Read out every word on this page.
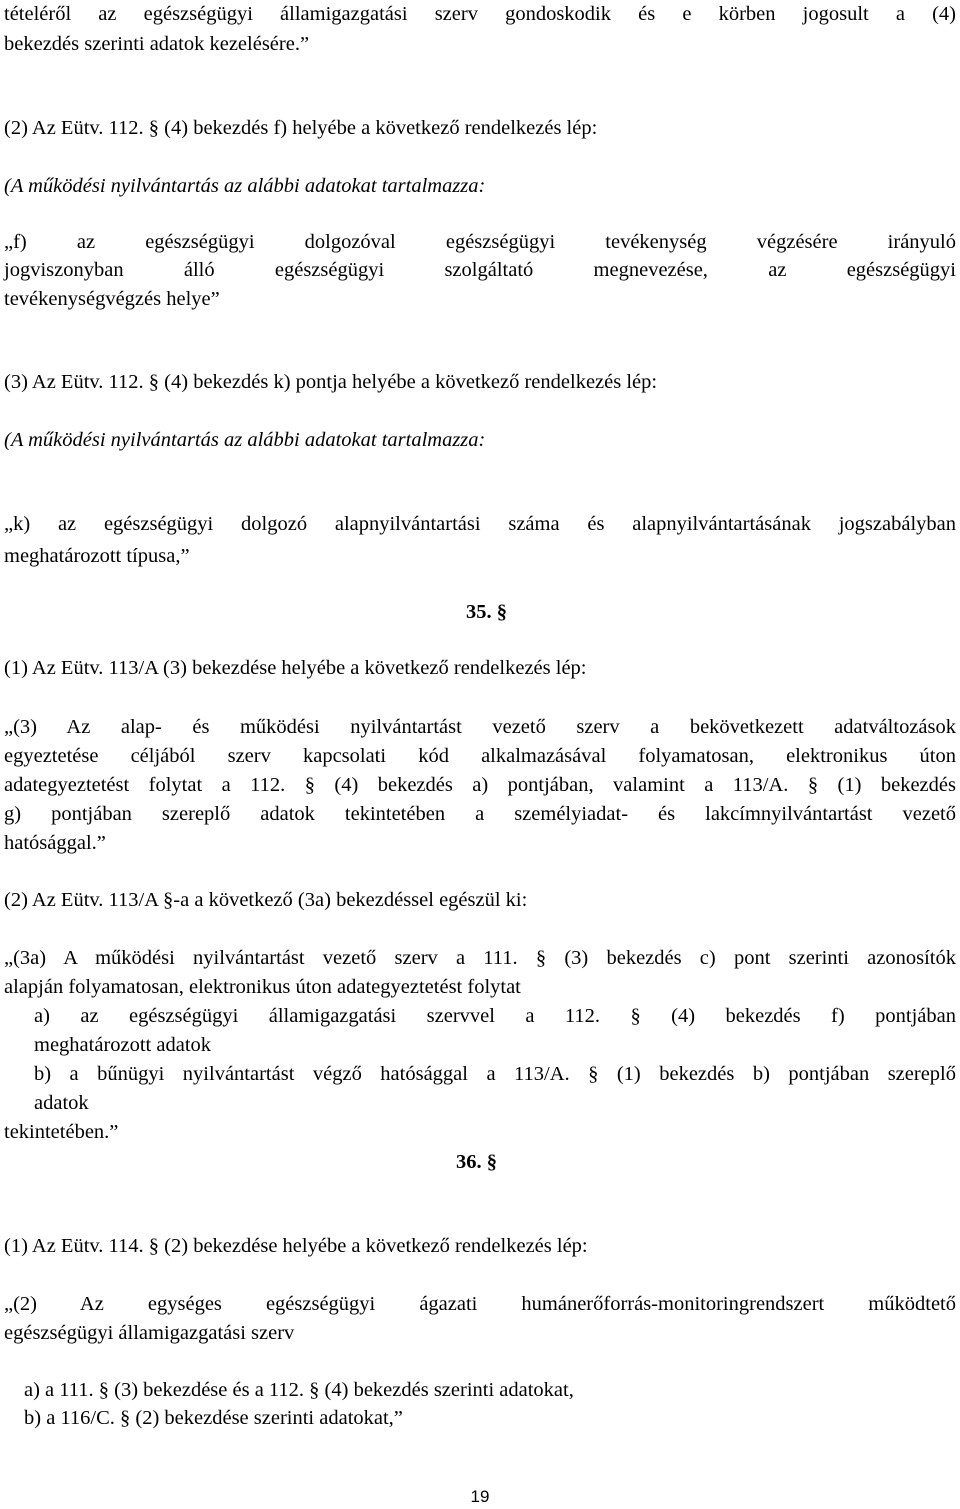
tételéről az egészségügyi államigazgatási szerv gondoskodik és e körben jogosult a (4)
bekezdés szerinti adatok kezelésére.”
(2) Az Eütv. 112. § (4) bekezdés f) helyébe a következő rendelkezés lép:
(A működési nyilvántartás az alábbi adatokat tartalmazza:
„f) az egészségügyi dolgozóval egészségügyi tevékenység végzésére irányuló
jogviszonyban álló egészségügyi szolgáltató megnevezése, az egészségügyi
tevékenységvégzés helye”
(3) Az Eütv. 112. § (4) bekezdés k) pontja helyébe a következő rendelkezés lép:
(A működési nyilvántartás az alábbi adatokat tartalmazza:
„k) az egészségügyi dolgozó alapnyilvántartási száma és alapnyilvántartásának jogszabályban
meghatározott típusa,”
35. §
(1) Az Eütv. 113/A (3) bekezdése helyébe a következő rendelkezés lép:
„(3) Az alap- és működési nyilvántartást vezető szerv a bekövetkezett adatváltozások
egyeztetése céljából szerv kapcsolati kód alkalmazásával folyamatosan, elektronikus úton
adategyeztetést folytat a 112. § (4) bekezdés a) pontjában, valamint a 113/A. § (1) bekezdés
g) pontjában szereplő adatok tekintetében a személyiadat- és lakcímnyilvántartást vezető
hatósággal.”
(2) Az Eütv. 113/A §-a a következő (3a) bekezdéssel egészül ki:
„(3a) A működési nyilvántartást vezető szerv a 111. § (3) bekezdés c) pont szerinti azonosítók
alapján folyamatosan, elektronikus úton adategyeztetést folytat
a) az egészségügyi államigazgatási szervvel a 112. § (4) bekezdés f) pontjában
meghatározott adatok
b) a bűnügyi nyilvántartást végző hatósággal a 113/A. § (1) bekezdés b) pontjában szereplő
adatok
tekintetében.”
36. §
(1) Az Eütv. 114. § (2) bekezdése helyébe a következő rendelkezés lép:
„(2) Az egységes egészségügyi ágazati humánerőforrás-monitoringrendszert működtető
egészségügyi államigazgatási szerv
a) a 111. § (3) bekezdése és a 112. § (4) bekezdés szerinti adatokat,
b) a 116/C. § (2) bekezdése szerinti adatokat,”
19
